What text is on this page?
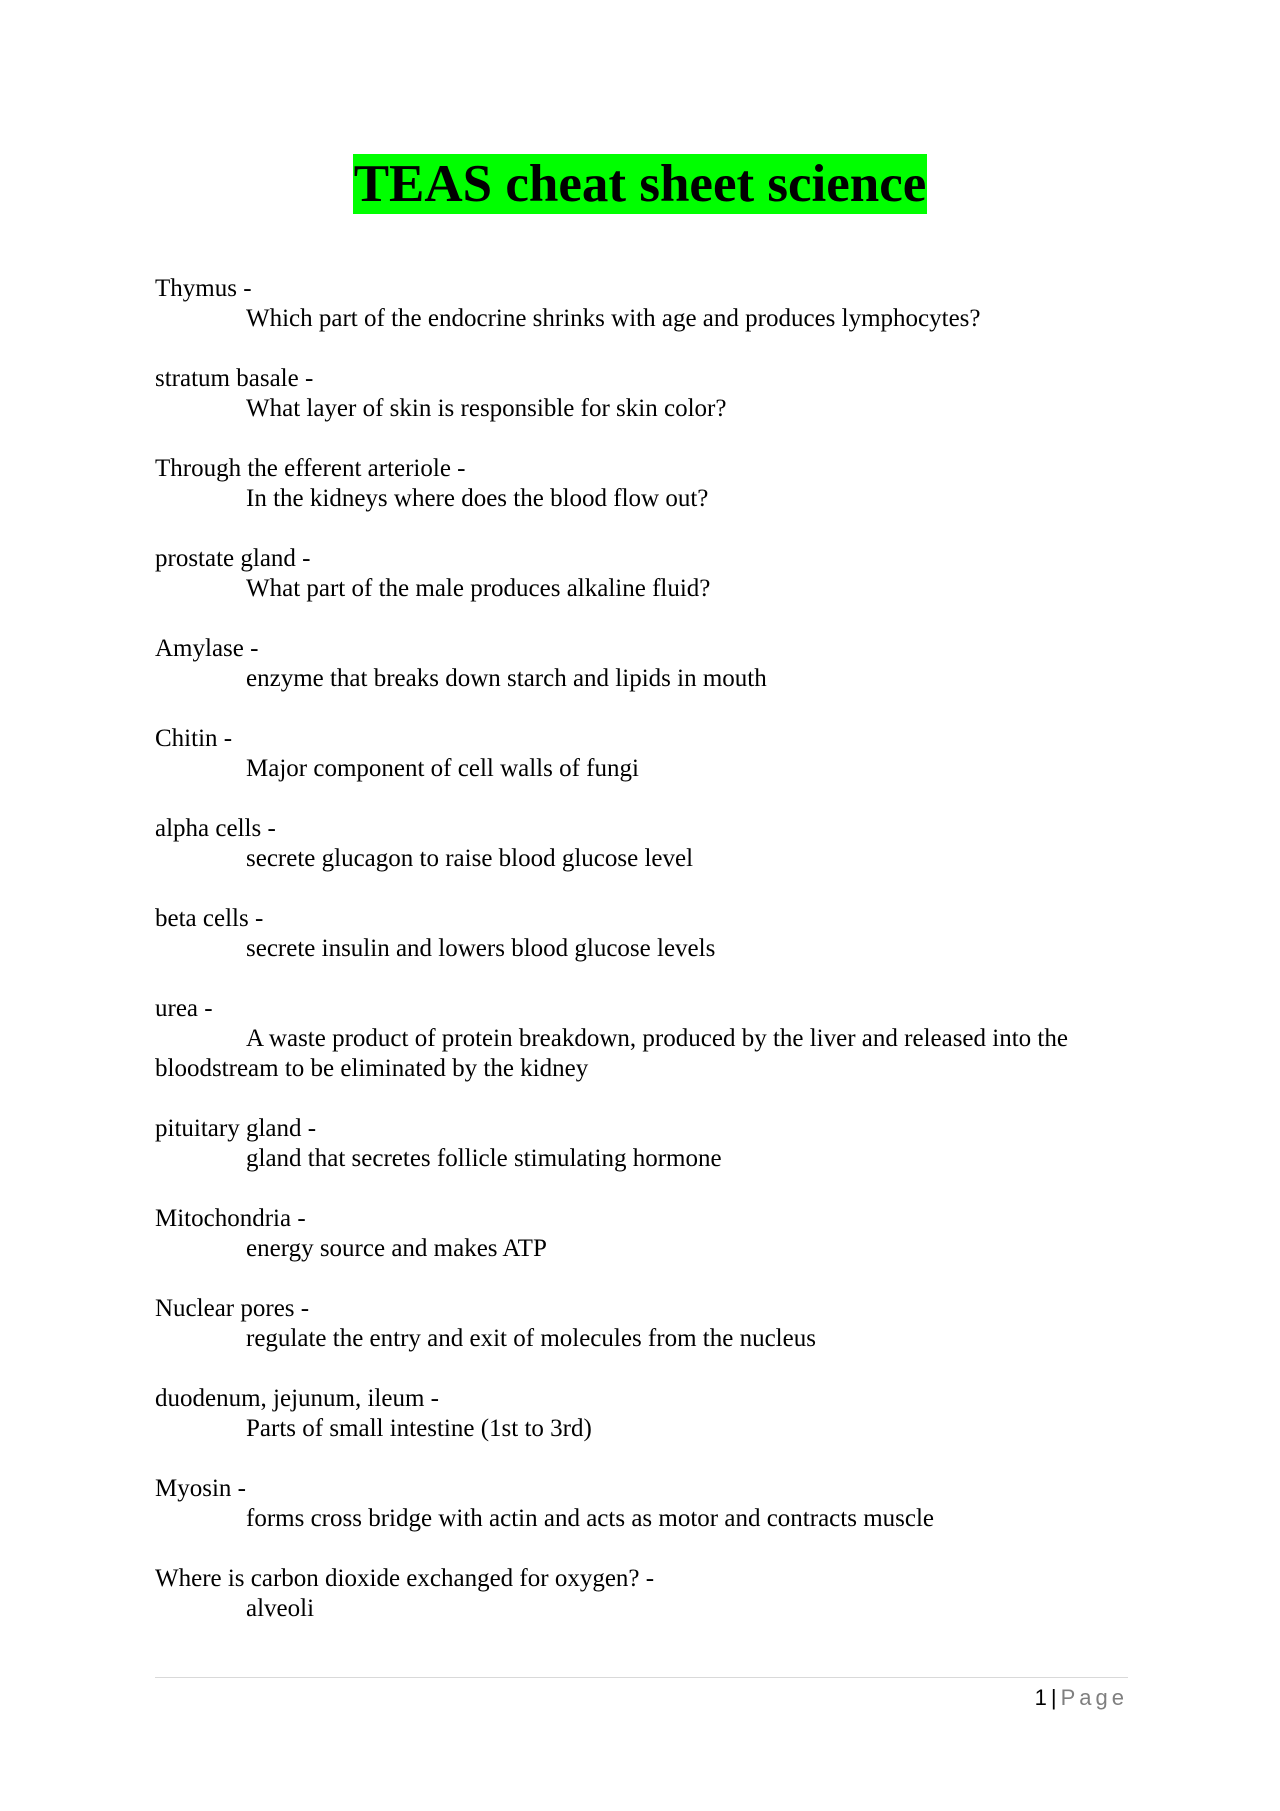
TEAS cheat sheet science
Thymus -
Which part of the endocrine shrinks with age and produces lymphocytes?
stratum basale -
What layer of skin is responsible for skin color?
Through the efferent arteriole -
In the kidneys where does the blood flow out?
prostate gland -
What part of the male produces alkaline fluid?
Amylase -
enzyme that breaks down starch and lipids in mouth
Chitin -
Major component of cell walls of fungi
alpha cells -
secrete glucagon to raise blood glucose level
beta cells -
secrete insulin and lowers blood glucose levels
urea -
A waste product of protein breakdown, produced by the liver and released into the bloodstream to be eliminated by the kidney
pituitary gland -
gland that secretes follicle stimulating hormone
Mitochondria -
energy source and makes ATP
Nuclear pores -
regulate the entry and exit of molecules from the nucleus
duodenum, jejunum, ileum -
Parts of small intestine (1st to 3rd)
Myosin -
forms cross bridge with actin and acts as motor and contracts muscle
Where is carbon dioxide exchanged for oxygen? -
alveoli
1 | Page
